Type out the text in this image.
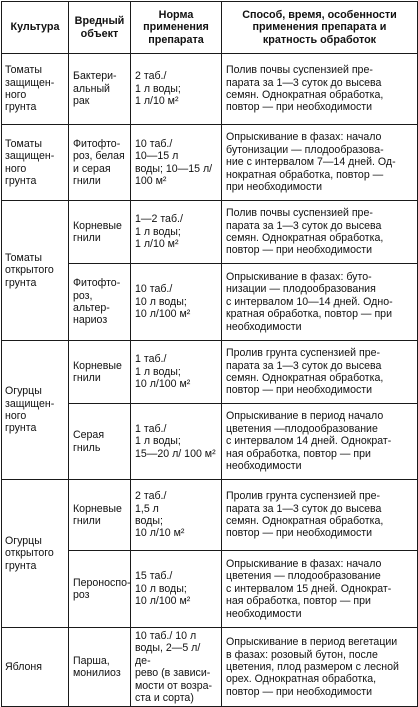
Культура	Вредный объект	Норма применения препарата	Способ, время, особенности применения препарата и кратность обработок

Томаты
защищен-
ного
грунта	Бактери-
альный рак	2 таб./
1 л воды;
1 л/10 м²	Полив почвы суспензией пре-
парата за 1—3 суток до высева
семян. Однократная обработка,
повтор — при необходимости

Томаты
защищен-
ного
грунта	Фитофто-
роз, белая
и серая
гнили	10 таб./
10—15 л
воды; 10—15 л/
100 м²	Опрыскивание в фазах: начало
бутонизации — плодообразова-
ние с интервалом 7—14 дней. Од-
нократная обработка, повтор —
при необходимости

Томаты
открытого
грунта	Корневые
гнили	1—2 таб./
1 л воды;
1 л/10 м²	Полив почвы суспензией пре-
парата за 1—3 суток до высева
семян. Однократная обработка,
повтор — при необходимости

	Фитофто-
роз, альтер-
нариоз	10 таб./
10 л воды;
10 л/100 м²	Опрыскивание в фазах: буто-
низации — плодообразования
с интервалом 10—14 дней. Одно-
кратная обработка, повтор — при
необходимости

Огурцы
защищен-
ного
грунта	Корневые
гнили	1 таб./
1 л воды;
10 л/100 м²	Пролив грунта суспензией пре-
парата за 1—3 суток до высева
семян. Однократная обработка,
повтор — при необходимости

	Серая
гниль	1 таб./
1 л воды;
15—20 л/ 100 м²	Опрыскивание в период начало
цветения —плодообразование
с интервалом 14 дней. Однократ-
ная обработка, повтор — при
необходимости

Огурцы
открытого
грунта	Корневые
гнили	2 таб./
1,5 л
воды;
10 л/10 м²	Пролив грунта суспензией пре-
парата за 1—3 суток до высева
семян. Однократная обработка,
повтор — при необходимости

	Пероноспо-
роз	15 таб./
10 л воды;
10 л/100 м²	Опрыскивание в фазах: начало
цветения — плодообразование
с интервалом 15 дней. Однократ-
ная обработка, повтор — при
необходимости

Яблоня	Парша,
монилиоз	10 таб./ 10 л
воды, 2—5 л/ де-
рево (в зависи-
мости от возра-
ста и сорта)	Опрыскивание в период вегетации
в фазах: розовый бутон, после
цветения, плод размером с лесной
орех. Однократная обработка,
повтор — при необходимости
